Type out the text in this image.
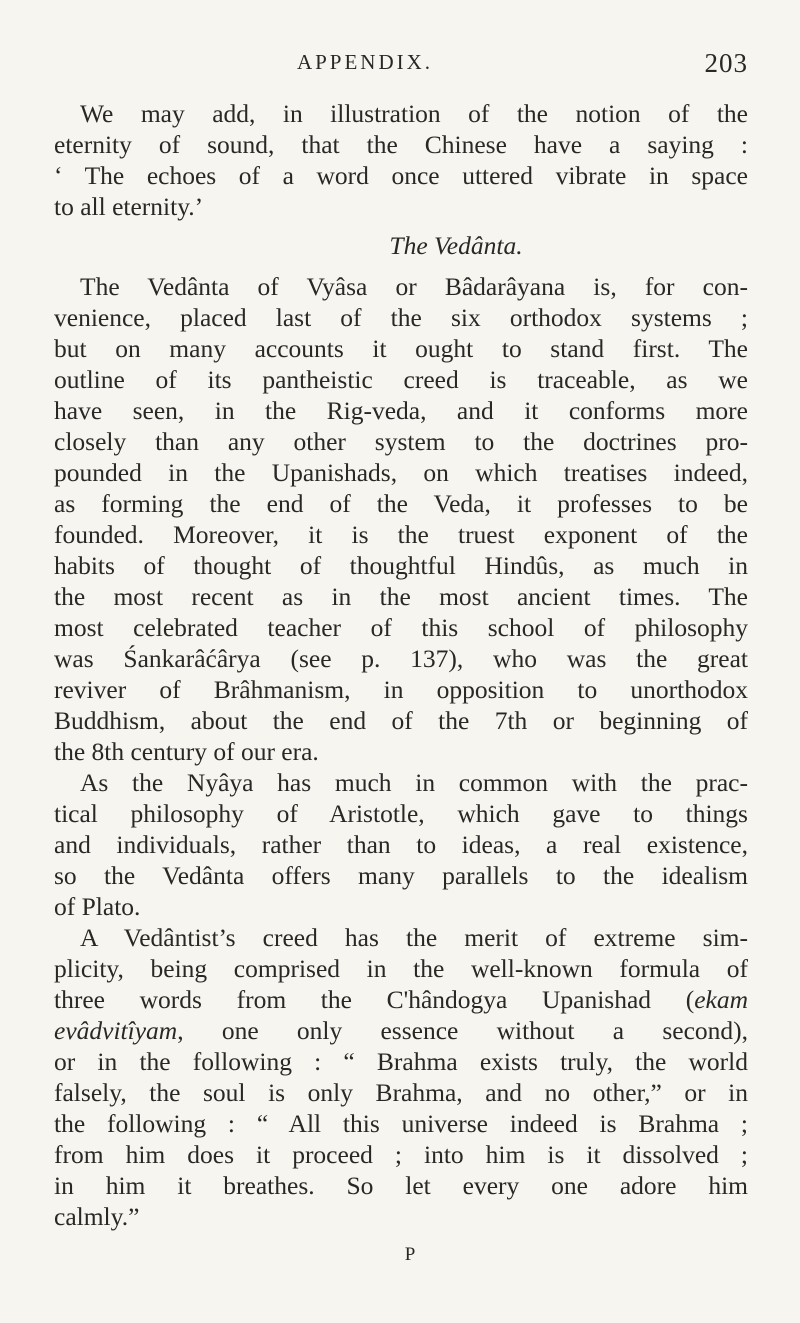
APPENDIX.	203
We may add, in illustration of the notion of the
eternity of sound, that the Chinese have a saying :
‘ The echoes of a word once uttered vibrate in space
to all eternity.’
The Vedânta.
The Vedânta of Vyâsa or Bâdarâyana is, for con-
venience, placed last of the six orthodox systems ;
but on many accounts it ought to stand first. The
outline of its pantheistic creed is traceable, as we
have seen, in the Rig-veda, and it conforms more
closely than any other system to the doctrines pro-
pounded in the Upanishads, on which treatises indeed,
as forming the end of the Veda, it professes to be
founded. Moreover, it is the truest exponent of the
habits of thought of thoughtful Hindûs, as much in
the most recent as in the most ancient times. The
most celebrated teacher of this school of philosophy
was Śankarâćârya (see p. 137), who was the great
reviver of Brâhmanism, in opposition to unorthodox
Buddhism, about the end of the 7th or beginning of
the 8th century of our era.
As the Nyâya has much in common with the prac-
tical philosophy of Aristotle, which gave to things
and individuals, rather than to ideas, a real existence,
so the Vedânta offers many parallels to the idealism
of Plato.
A Vedântist’s creed has the merit of extreme sim-
plicity, being comprised in the well-known formula of
three words from the C'hândogya Upanishad (ekam
evâdvitîyam, one only essence without a second),
or in the following : “ Brahma exists truly, the world
falsely, the soul is only Brahma, and no other,” or in
the following : “ All this universe indeed is Brahma ;
from him does it proceed ; into him is it dissolved ;
in him it breathes. So let every one adore him
calmly.”
P
